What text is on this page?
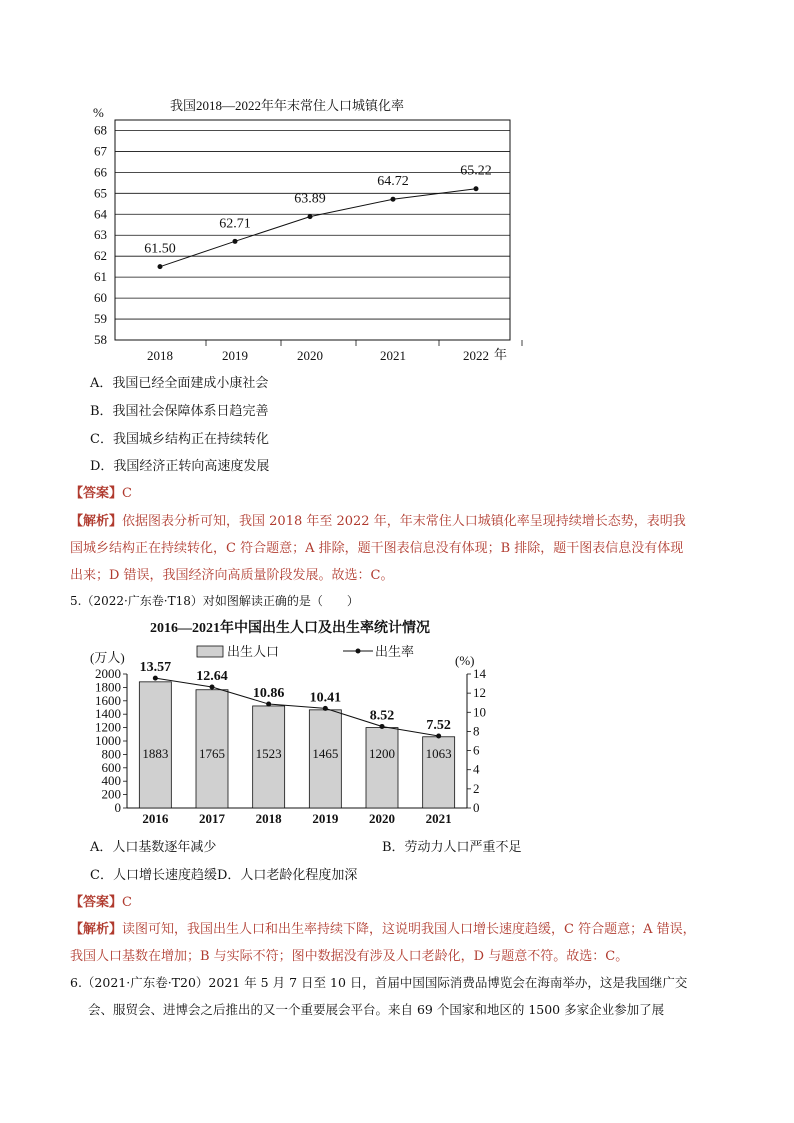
我国2018—2022年年末常住人口城镇化率
%
年
58
59
60
61
62
63
64
65
66
67
68
2018	2019	2020	2021	2022
61.50
62.71
63.89
64.72
65.22
A．我国已经全面建成小康社会
B．我国社会保障体系日趋完善
C．我国城乡结构正在持续转化
D．我国经济正转向高速度发展
【答案】C
【解析】依据图表分析可知，我国 2018 年至 2022 年，年末常住人口城镇化率呈现持续增长态势，表明我
国城乡结构正在持续转化，C 符合题意；A 排除，题干图表信息没有体现；B 排除，题干图表信息没有体现
出来；D 错误，我国经济向高质量阶段发展。故选：C。
5.（2022·广东卷·T18）对如图解读正确的是（　　）
2016—2021年中国出生人口及出生率统计情况
(万人)	(%)
出生人口	出生率
0
200
400
600
800
1000
1200
1400
1600
1800
2000
0
2
4
6
8
10
12
14
2016 2017 2018 2019 2020 2021
1883 1765 1523 1465 1200 1063
13.57
12.64
10.86 10.41
8.52
7.52
A．人口基数逐年减少	B．劳动力人口严重不足
C．人口增长速度趋缓D．人口老龄化程度加深
【答案】C
【解析】读图可知，我国出生人口和出生率持续下降，这说明我国人口增长速度趋缓，C 符合题意；A 错误，
我国人口基数在增加；B 与实际不符；图中数据没有涉及人口老龄化，D 与题意不符。故选：C。
6.（2021·广东卷·T20）2021 年 5 月 7 日至 10 日，首届中国国际消费品博览会在海南举办，这是我国继广交
会、服贸会、进博会之后推出的又一个重要展会平台。来自 69 个国家和地区的 1500 多家企业参加了展
